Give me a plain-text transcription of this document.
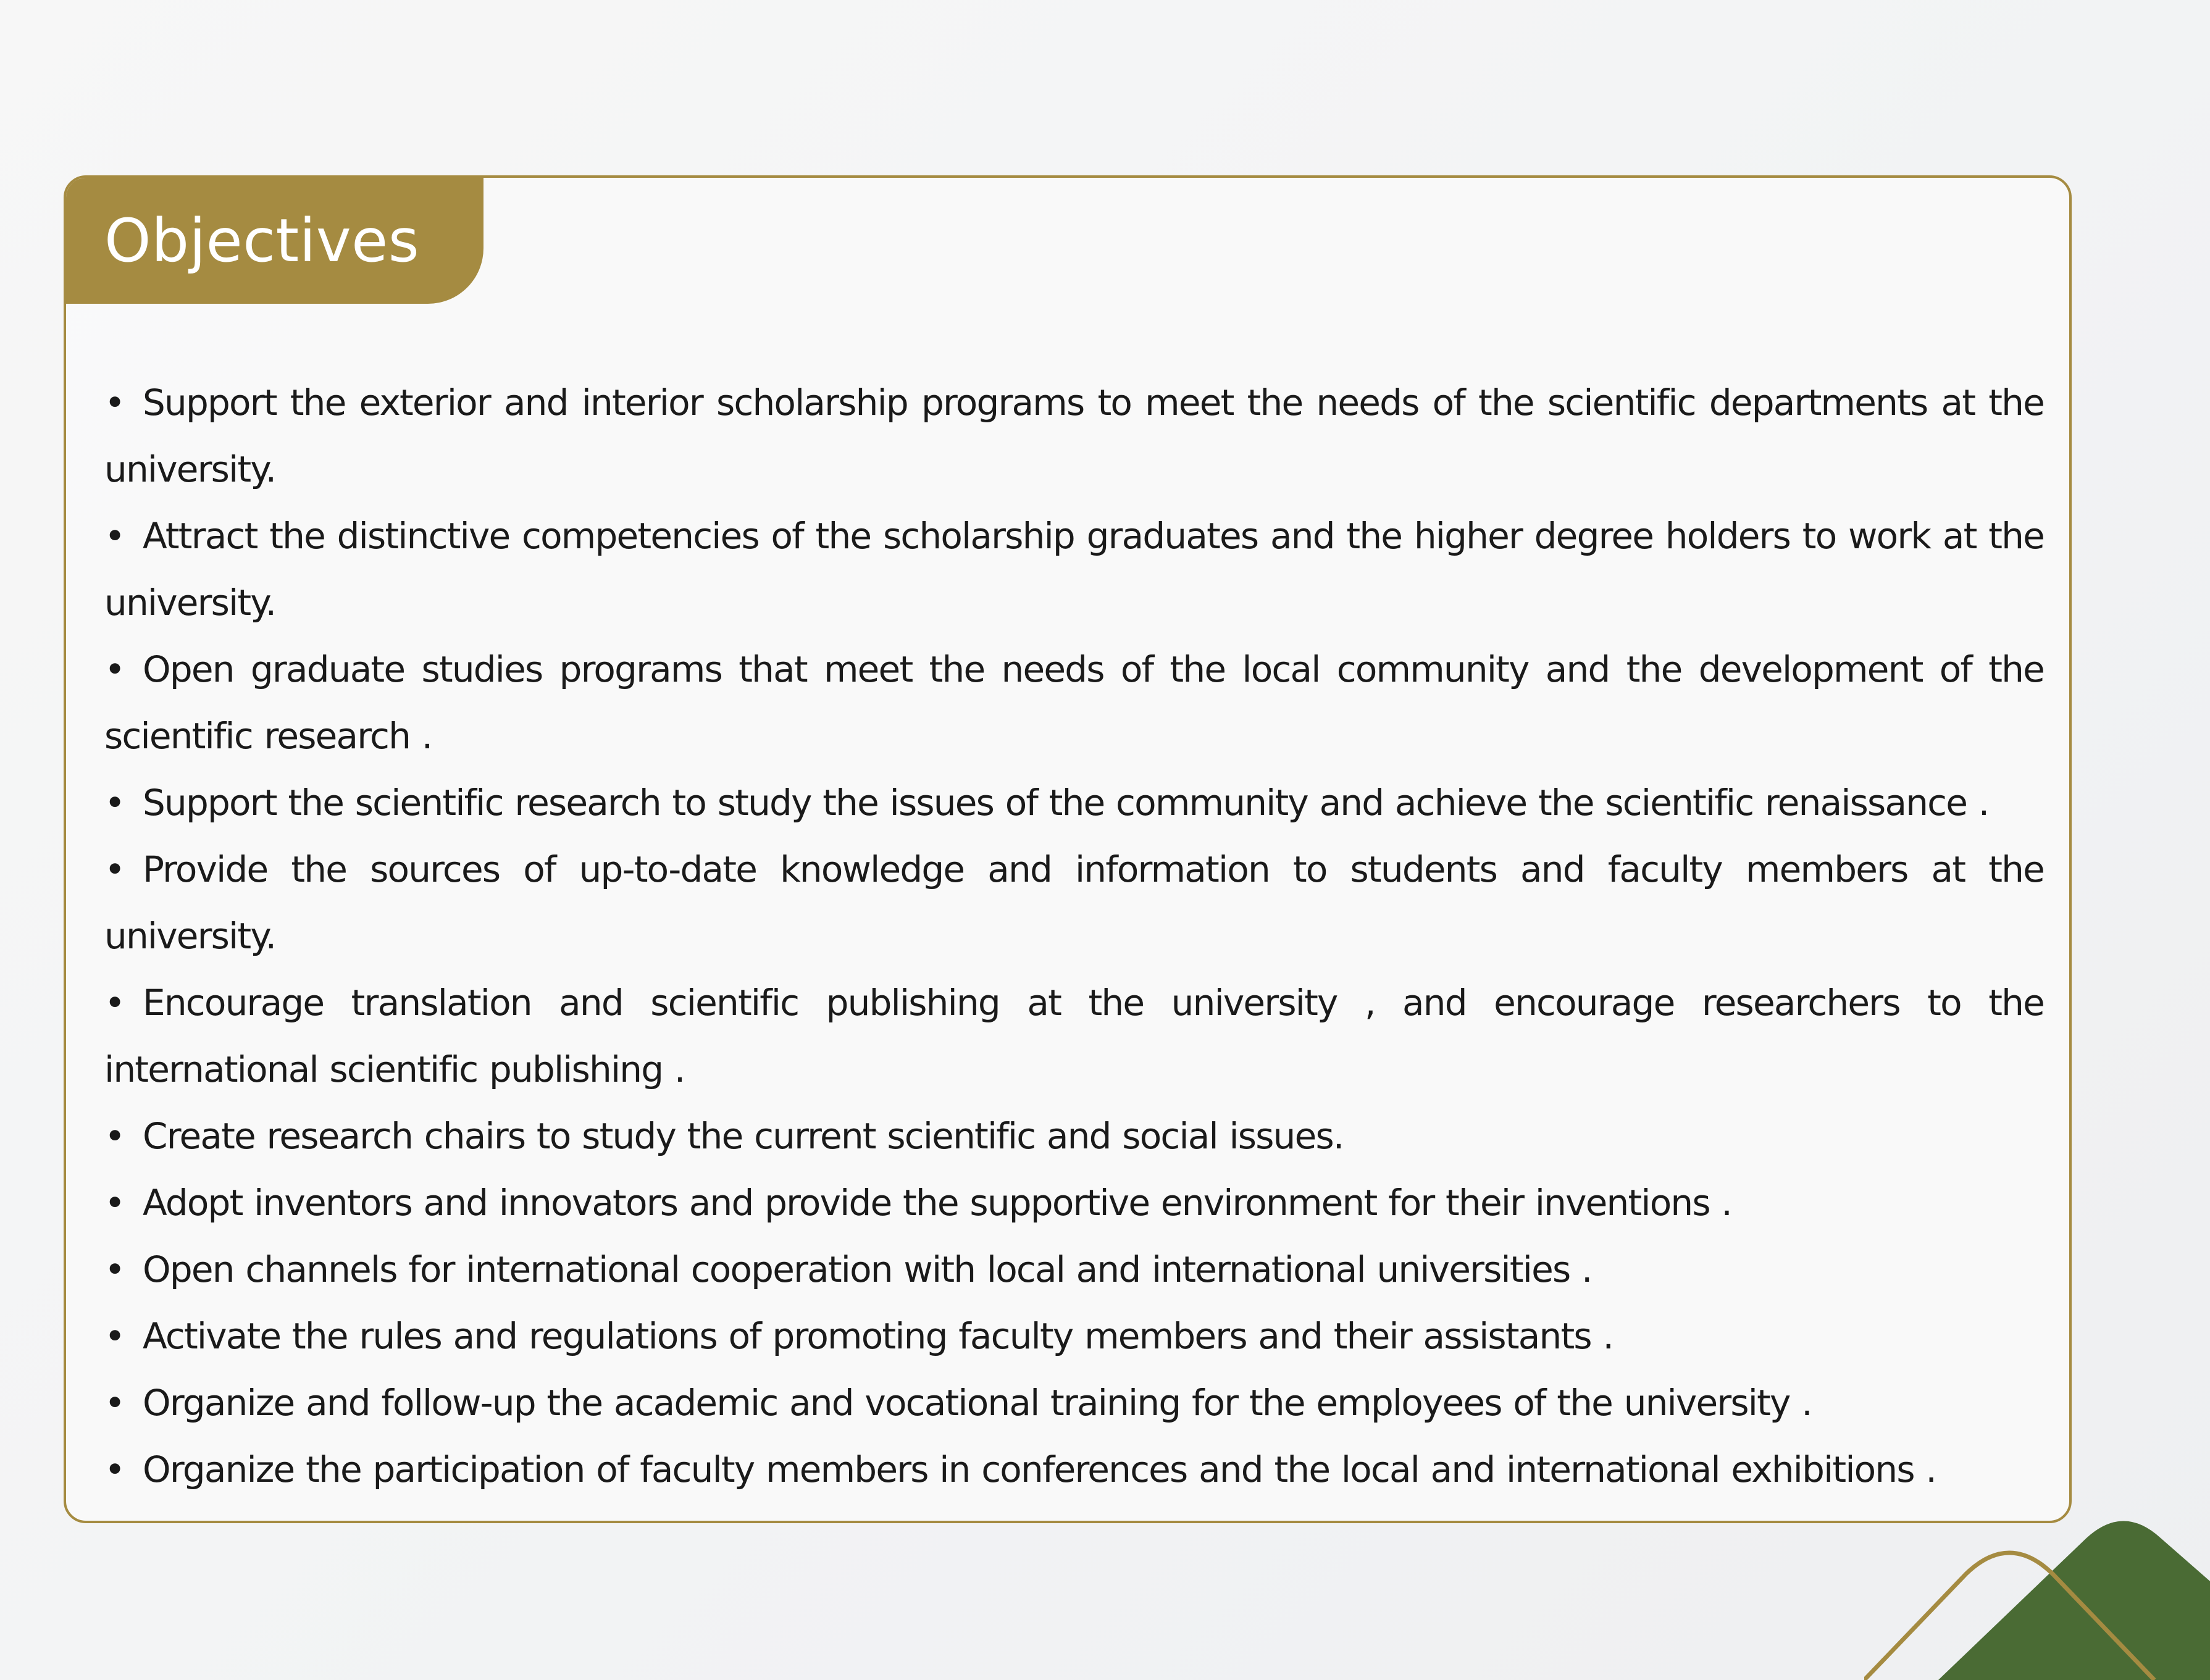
Objectives
• Support the exterior and interior scholarship programs to meet the needs of the scientific departments at the university.
• Attract the distinctive competencies of the scholarship graduates and the higher degree holders to work at the university.
• Open graduate studies programs that meet the needs of the local community and the development of the scientific research .
• Support the scientific research to study the issues of the community and achieve the scientific renaissance .
• Provide the sources of up-to-date knowledge and information to students and faculty members at the university.
• Encourage translation and scientific publishing at the university , and encourage researchers to the international scientific publishing .
• Create research chairs to study the current scientific and social issues.
• Adopt inventors and innovators and provide the supportive environment for their inventions .
• Open channels for international cooperation with local and international universities .
• Activate the rules and regulations of promoting faculty members and their assistants .
• Organize and follow-up the academic and vocational training for the employees of the university .
• Organize the participation of faculty members in conferences and the local and international exhibitions .
